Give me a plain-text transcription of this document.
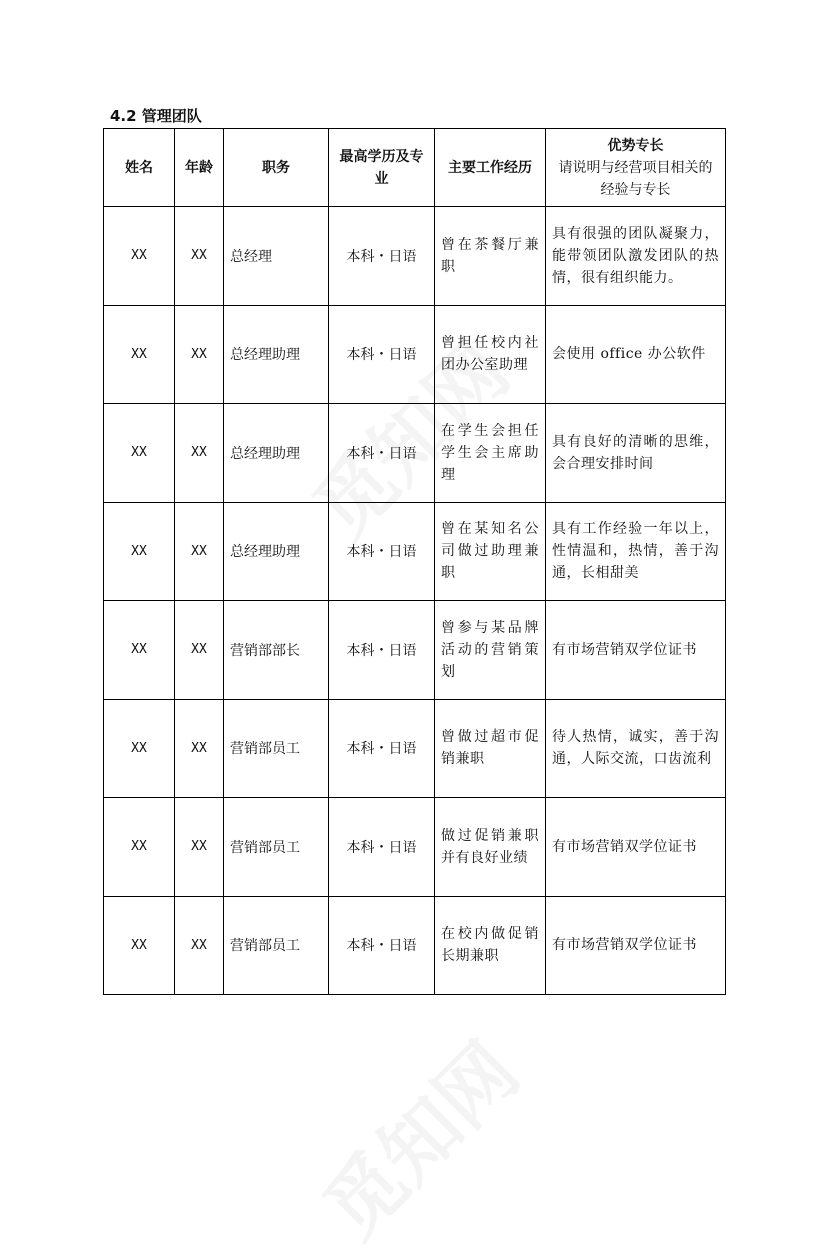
4.2 管理团队
姓名	年龄	职务	最高学历及专业	主要工作经历	优势专长
请说明与经营项目相关的经验与专长

XX	XX	总经理	本科・日语	曾在茶餐厅兼职	具有很强的团队凝聚力，能带领团队激发团队的热情，很有组织能力。
XX	XX	总经理助理	本科・日语	曾担任校内社团办公室助理	会使用 office 办公软件
XX	XX	总经理助理	本科・日语	在学生会担任学生会主席助理	具有良好的清晰的思维，会合理安排时间
XX	XX	总经理助理	本科・日语	曾在某知名公司做过助理兼职	具有工作经验一年以上，性情温和，热情，善于沟通，长相甜美
XX	XX	营销部部长	本科・日语	曾参与某品牌活动的营销策划	有市场营销双学位证书
XX	XX	营销部员工	本科・日语	曾做过超市促销兼职	待人热情，诚实，善于沟通，人际交流，口齿流利
XX	XX	营销部员工	本科・日语	做过促销兼职并有良好业绩	有市场营销双学位证书
XX	XX	营销部员工	本科・日语	在校内做促销长期兼职	有市场营销双学位证书
